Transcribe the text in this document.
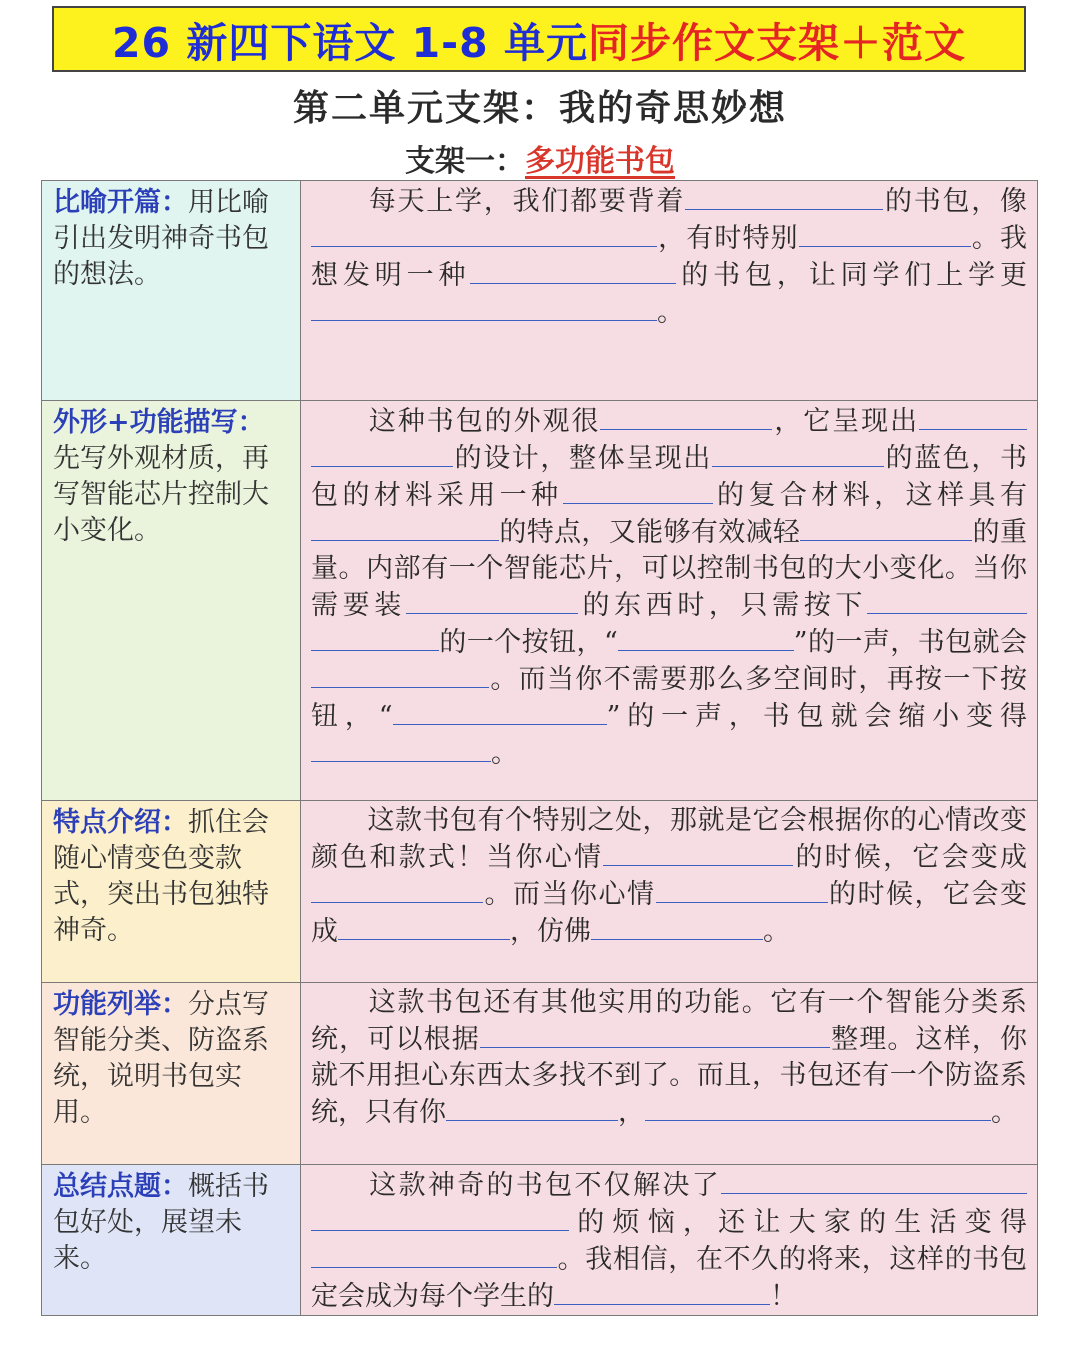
26 新四下语文 1-8 单元 同步作文支架＋范文
第二单元支架：我的奇思妙想
支架一：多功能书包
比喻开篇：用比喻引出发明神奇书包的想法。	每天上学，我们都要背着 的书包，像，有时特别 。我想发明一种 的书包，让同学们上学更。
外形+功能描写：先写外观材质，再写智能芯片控制大小变化。	这种书包的外观很 ，它呈现出的设计，整体呈现出 的蓝色，书包的材料采用一种 的复合材料，这样具有的特点，又能够有效减轻 的重量。内部有一个智能芯片，可以控制书包的大小变化。当你需要装 的东西时，只需按下的一个按钮，“ ”的一声，书包就会。而当你不需要那么多空间时，再按一下按钮，“ ”的一声，书包就会缩小变得。
特点介绍：抓住会随心情变色变款式，突出书包独特神奇。	这款书包有个特别之处，那就是它会根据你的心情改变颜色和款式！当你心情 的时候，它会变成。而当你心情 的时候，它会变成 ，仿佛 。
功能列举：分点写智能分类、防盗系统，说明书包实用。	这款书包还有其他实用的功能。它有一个智能分类系统，可以根据 整理。这样，你就不用担心东西太多找不到了。而且，书包还有一个防盗系统，只有你 ， 。
总结点题：概括书包好处，展望未来。	这款神奇的书包不仅解决了的烦恼，还让大家的生活变得。我相信，在不久的将来，这样的书包定会成为每个学生的 ！
